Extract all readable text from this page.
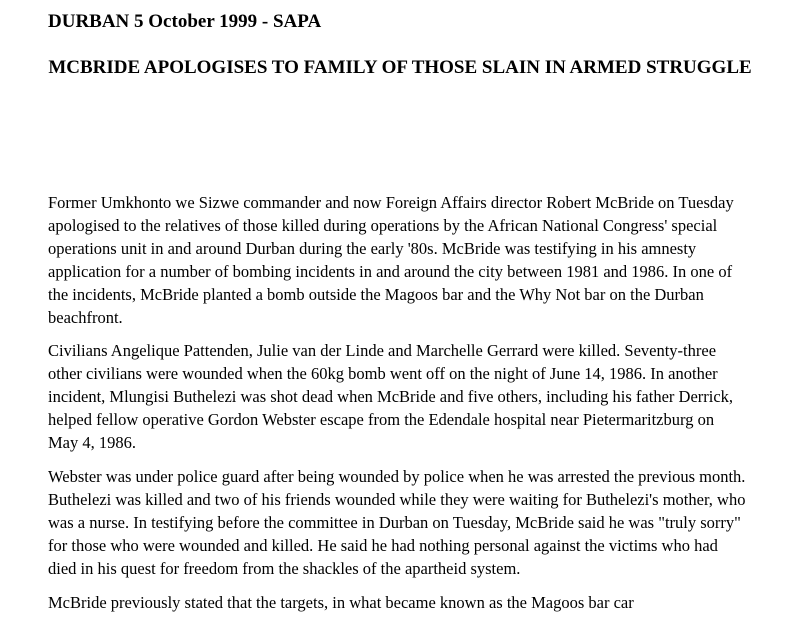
DURBAN 5 October 1999 - SAPA
MCBRIDE APOLOGISES TO FAMILY OF THOSE SLAIN IN ARMED STRUGGLE

Former Umkhonto we Sizwe commander and now Foreign Affairs director Robert McBride on Tuesday apologised to the relatives of those killed during operations by the African National Congress' special operations unit in and around Durban during the early '80s. McBride was testifying in his amnesty application for a number of bombing incidents in and around the city between 1981 and 1986. In one of the incidents, McBride planted a bomb outside the Magoos bar and the Why Not bar on the Durban beachfront.

Civilians Angelique Pattenden, Julie van der Linde and Marchelle Gerrard were killed. Seventy-three other civilians were wounded when the 60kg bomb went off on the night of June 14, 1986. In another incident, Mlungisi Buthelezi was shot dead when McBride and five others, including his father Derrick, helped fellow operative Gordon Webster escape from the Edendale hospital near Pietermaritzburg on May 4, 1986.

Webster was under police guard after being wounded by police when he was arrested the previous month. Buthelezi was killed and two of his friends wounded while they were waiting for Buthelezi's mother, who was a nurse. In testifying before the committee in Durban on Tuesday, McBride said he was "truly sorry" for those who were wounded and killed. He said he had nothing personal against the victims who had died in his quest for freedom from the shackles of the apartheid system.

McBride previously stated that the targets, in what became known as the Magoos bar car
